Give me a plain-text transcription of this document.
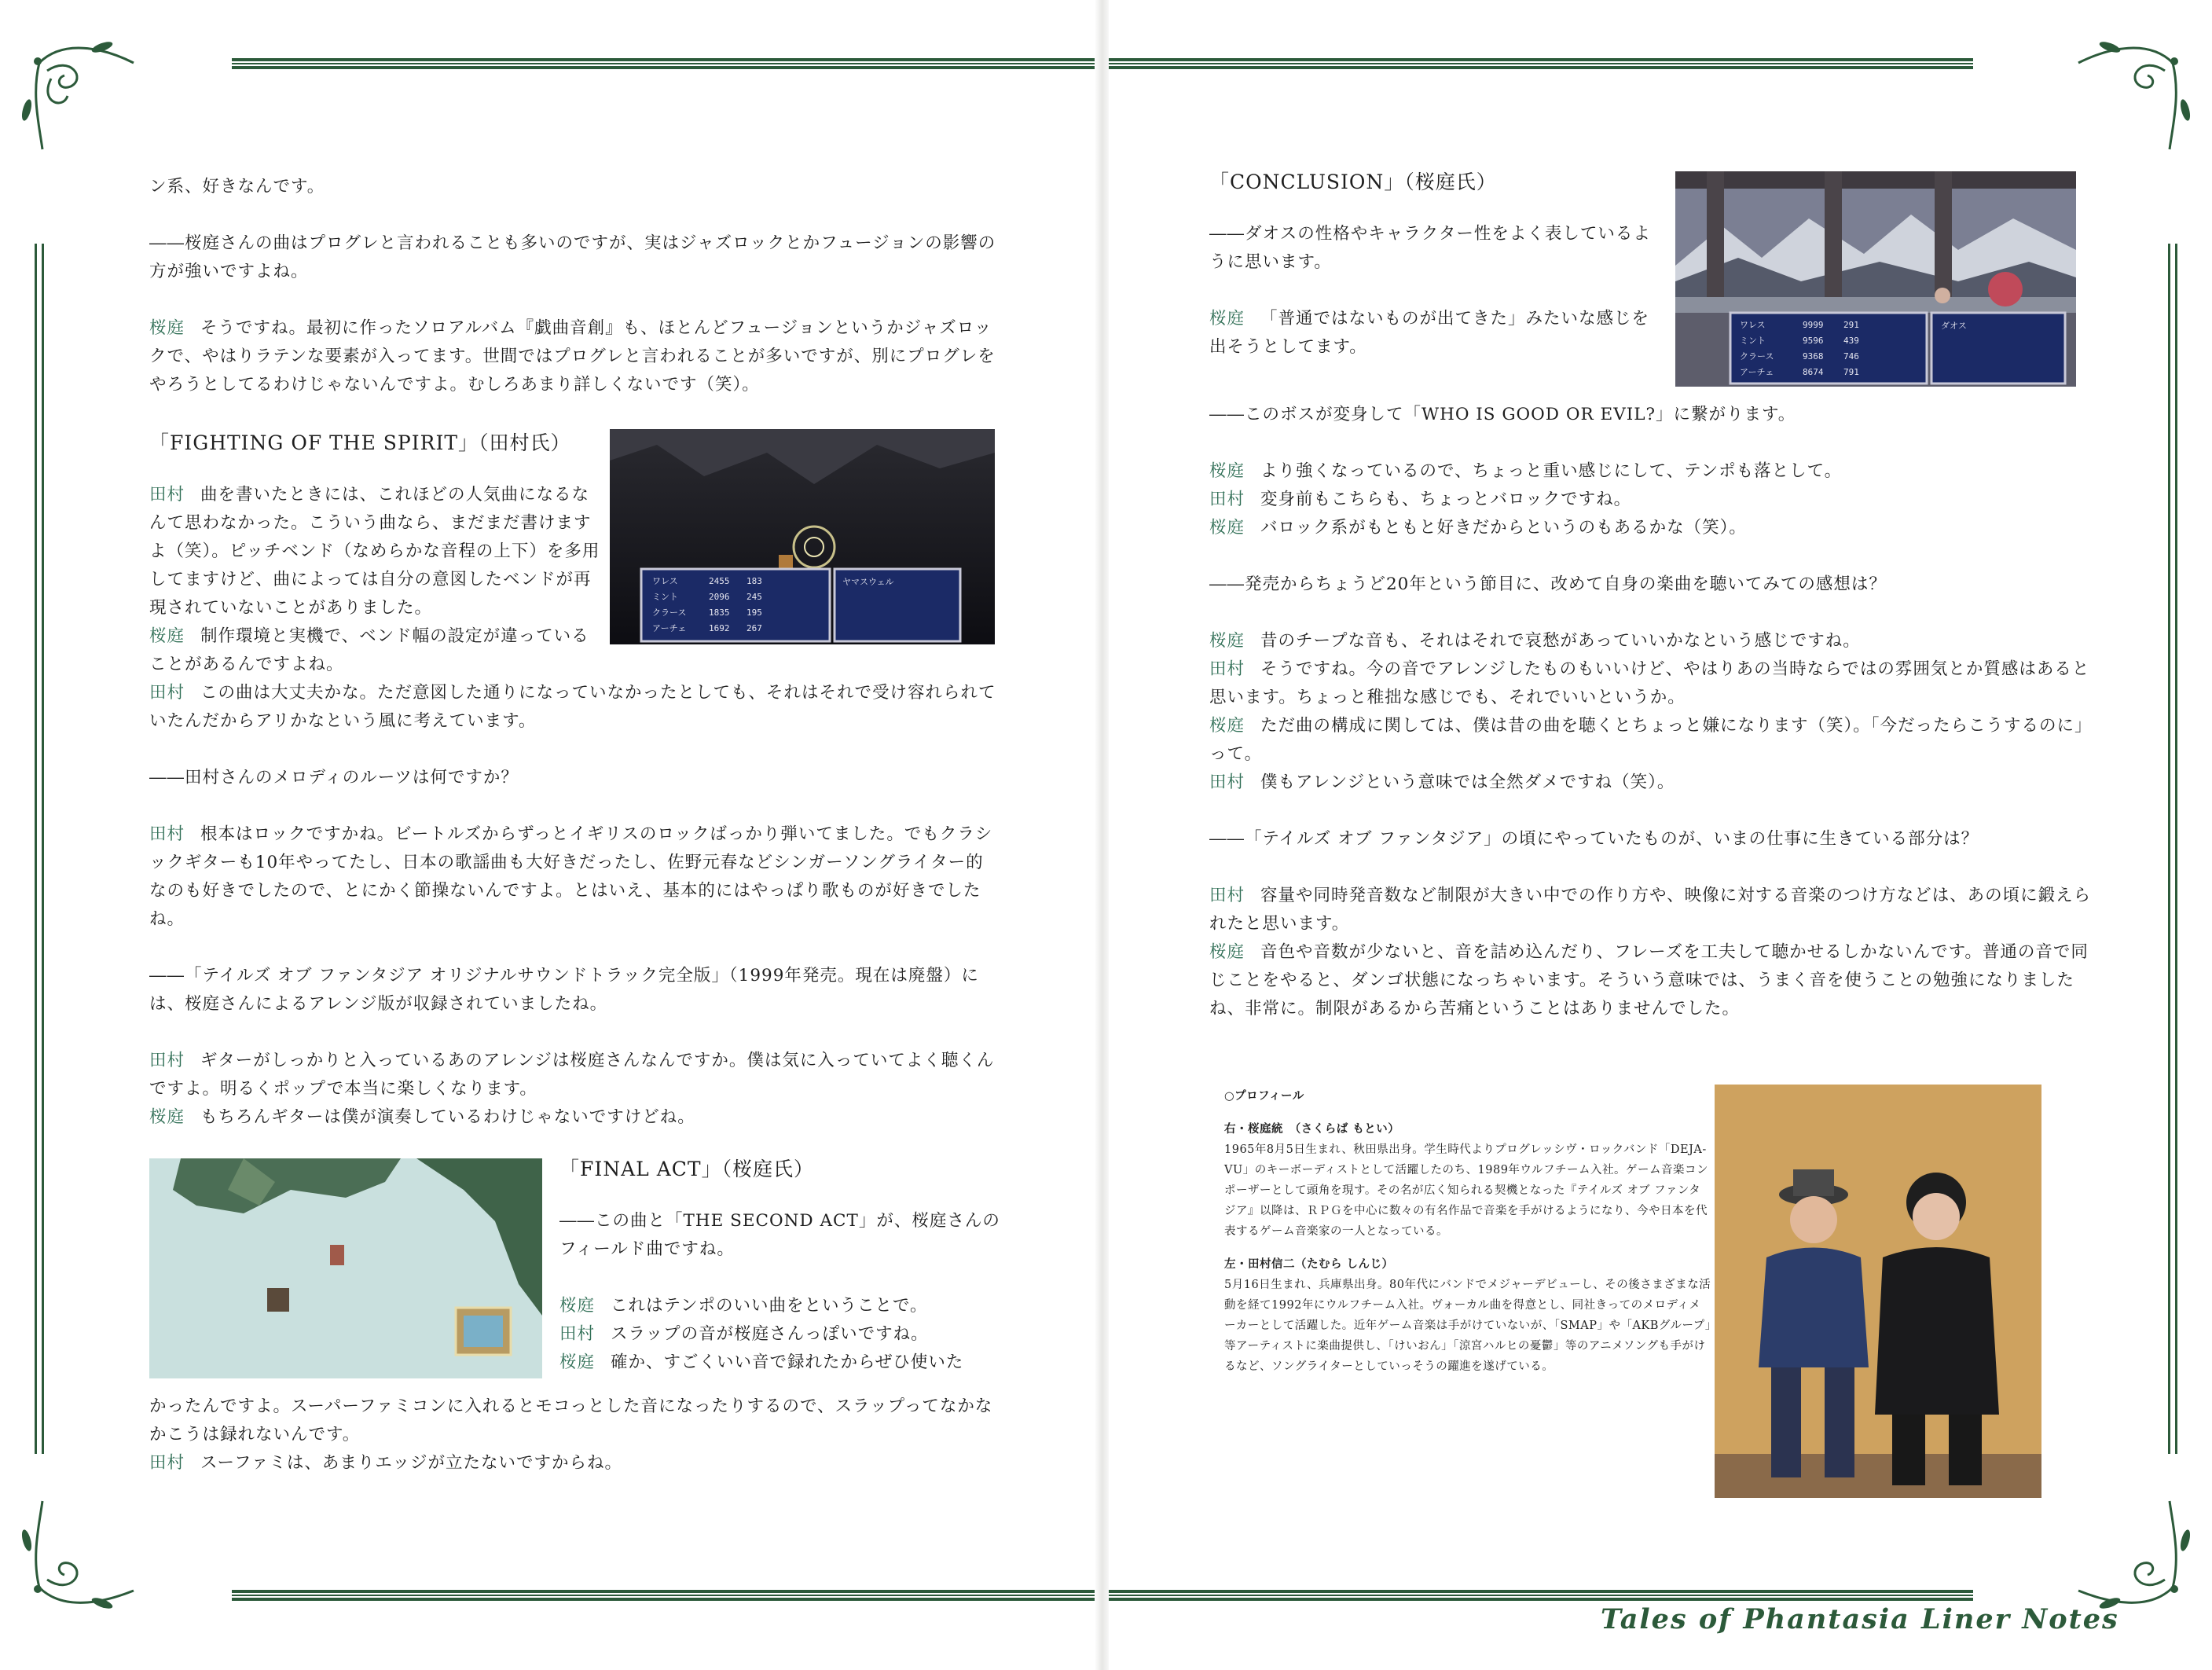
ン系、好きなんです。

――桜庭さんの曲はプログレと言われることも多いのですが、実はジャズロックとかフュージョンの影響の方が強いですよね。

桜庭 そうですね。最初に作ったソロアルバム『戯曲音創』も、ほとんどフュージョンというかジャズロックで、やはりラテンな要素が入ってます。世間ではプログレと言われることが多いですが、別にプログレをやろうとしてるわけじゃないんですよ。むしろあまり詳しくないです（笑）。

「FIGHTING OF THE SPIRIT」（田村氏）

田村 曲を書いたときには、これほどの人気曲になるなんて思わなかった。こういう曲なら、まだまだ書けますよ（笑）。ピッチベンド（なめらかな音程の上下）を多用してますけど、曲によっては自分の意図したベンドが再現されていないことがありました。

桜庭 制作環境と実機で、ベンド幅の設定が違っていることがあるんですよね。

田村 この曲は大丈夫かな。ただ意図した通りになっていなかったとしても、それはそれで受け容れられていたんだからアリかなという風に考えています。

――田村さんのメロディのルーツは何ですか？

田村 根本はロックですかね。ビートルズからずっとイギリスのロックばっかり弾いてました。でもクラシックギターも10年やってたし、日本の歌謡曲も大好きだったし、佐野元春などシンガーソングライター的なのも好きでしたので、とにかく節操ないんですよ。とはいえ、基本的にはやっぱり歌ものが好きでしたね。

――「テイルズ オブ ファンタジア オリジナルサウンドトラック完全版」（1999年発売。現在は廃盤）には、桜庭さんによるアレンジ版が収録されていましたね。

田村 ギターがしっかりと入っているあのアレンジは桜庭さんなんですか。僕は気に入っていてよく聴くんですよ。明るくポップで本当に楽しくなります。

桜庭 もちろんギターは僕が演奏しているわけじゃないですけどね。

ワレス	2455 183
ミント	2096 245
クラース	1835 195
アーチェ	1692 267
ヤマスウェル
「FINAL ACT」（桜庭氏）

――この曲と「THE SECOND ACT」が、桜庭さんのフィールド曲ですね。

桜庭 これはテンポのいい曲をということで。

田村 スラップの音が桜庭さんっぽいですね。

桜庭 確か、すごくいい音で録れたからぜひ使いた

かったんですよ。スーパーファミコンに入れるとモコっとした音になったりするので、スラップってなかなかこうは録れないんです。

田村 スーファミは、あまりエッジが立たないですからね。

「CONCLUSION」（桜庭氏）

――ダオスの性格やキャラクター性をよく表しているように思います。

桜庭 「普通ではないものが出てきた」みたいな感じを出そうとしてます。

ワレス	9999 291
ミント	9596 439
クラース	9368 746
アーチェ	8674 791
ダオス

――このボスが変身して「WHO IS GOOD OR EVIL?」に繋がります。

桜庭 より強くなっているので、ちょっと重い感じにして、テンポも落として。

田村 変身前もこちらも、ちょっとバロックですね。

桜庭 バロック系がもともと好きだからというのもあるかな（笑）。

――発売からちょうど20年という節目に、改めて自身の楽曲を聴いてみての感想は？

桜庭 昔のチープな音も、それはそれで哀愁があっていいかなという感じですね。

田村 そうですね。今の音でアレンジしたものもいいけど、やはりあの当時ならではの雰囲気とか質感はあると思います。ちょっと稚拙な感じでも、それでいいというか。

桜庭 ただ曲の構成に関しては、僕は昔の曲を聴くとちょっと嫌になります（笑）。「今だったらこうするのに」って。

田村 僕もアレンジという意味では全然ダメですね（笑）。

――「テイルズ オブ ファンタジア」の頃にやっていたものが、いまの仕事に生きている部分は？

田村 容量や同時発音数など制限が大きい中での作り方や、映像に対する音楽のつけ方などは、あの頃に鍛えられたと思います。

桜庭 音色や音数が少ないと、音を詰め込んだり、フレーズを工夫して聴かせるしかないんです。普通の音で同じことをやると、ダンゴ状態になっちゃいます。そういう意味では、うまく音を使うことの勉強になりましたね、非常に。制限があるから苦痛ということはありませんでした。

○プロフィール

右・桜庭統　（さくらば もとい）

1965年8月5日生まれ、秋田県出身。学生時代よりプログレッシヴ・ロックバンド「DEJA-VU」のキーボーディストとして活躍したのち、1989年ウルフチーム入社。ゲーム音楽コンポーザーとして頭角を現す。その名が広く知られる契機となった『テイルズ オブ ファンタジア』以降は、ＲＰＧを中心に数々の有名作品で音楽を手がけるようになり、今や日本を代表するゲーム音楽家の一人となっている。

左・田村信二（たむら しんじ）

5月16日生まれ、兵庫県出身。80年代にバンドでメジャーデビューし、その後さまざまな活動を経て1992年にウルフチーム入社。ヴォーカル曲を得意とし、同社きってのメロディメーカーとして活躍した。近年ゲーム音楽は手がけていないが、「SMAP」や「AKBグループ」等アーティストに楽曲提供し、「けいおん」「涼宮ハルヒの憂鬱」等のアニメソングも手がけるなど、ソングライターとしていっそうの躍進を遂げている。

Tales of Phantasia Liner Notes
